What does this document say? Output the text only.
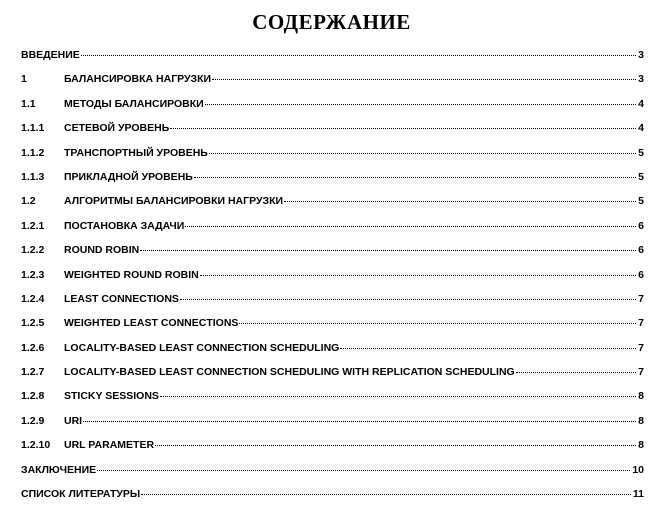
СОДЕРЖАНИЕ
ВВЕДЕНИЕ	3
1	БАЛАНСИРОВКА НАГРУЗКИ	3
1.1	МЕТОДЫ БАЛАНСИРОВКИ	4
1.1.1	СЕТЕВОЙ УРОВЕНЬ	4
1.1.2	ТРАНСПОРТНЫЙ УРОВЕНЬ	5
1.1.3	ПРИКЛАДНОЙ УРОВЕНЬ	5
1.2	АЛГОРИТМЫ БАЛАНСИРОВКИ НАГРУЗКИ	5
1.2.1	ПОСТАНОВКА ЗАДАЧИ	6
1.2.2	ROUND ROBIN	6
1.2.3	WEIGHTED ROUND ROBIN	6
1.2.4	LEAST CONNECTIONS	7
1.2.5	WEIGHTED LEAST CONNECTIONS	7
1.2.6	LOCALITY-BASED LEAST CONNECTION SCHEDULING	7
1.2.7	LOCALITY-BASED LEAST CONNECTION SCHEDULING WITH REPLICATION SCHEDULING	7
1.2.8	STICKY SESSIONS	8
1.2.9	URI	8
1.2.10	URL PARAMETER	8
ЗАКЛЮЧЕНИЕ	10
СПИСОК ЛИТЕРАТУРЫ	11
